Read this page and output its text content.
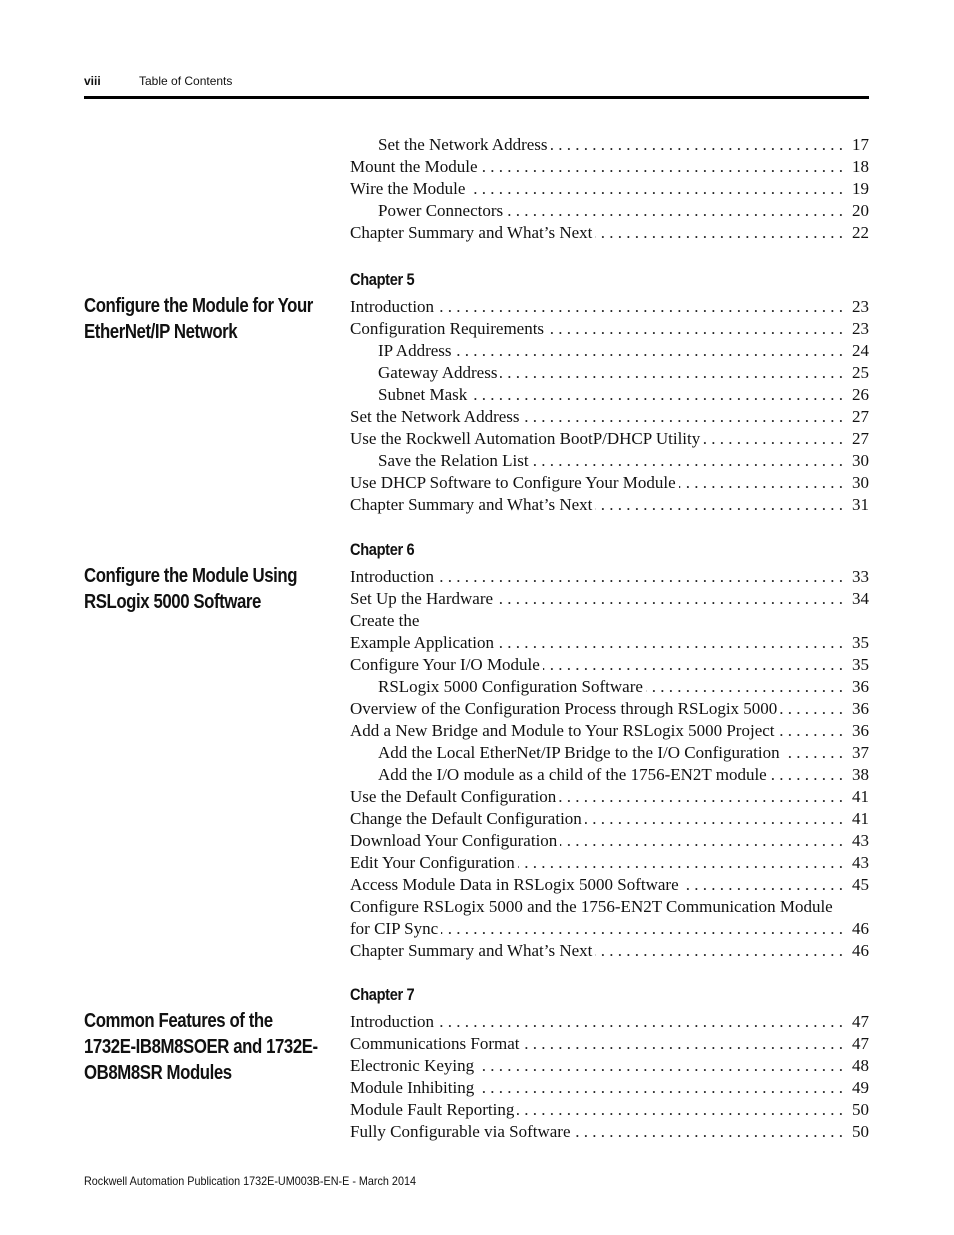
viii	Table of Contents
. . .
Set the Network Address	17
. . .
Mount the Module	18
. . .
Wire the Module	19
. . .
Power Connectors	20
. . .
Chapter Summary and What’s Next	22
Chapter 5
Configure the Module for Your EtherNet/IP Network
. . .
Introduction	23
. . .
Configuration Requirements	23
. . .
IP Address	24
. . .
Gateway Address	25
. . .
Subnet Mask	26
. . .
Set the Network Address	27
. . .
Use the Rockwell Automation BootP/DHCP Utility	27
. . .
Save the Relation List	30
. . .
Use DHCP Software to Configure Your Module	30
. . .
Chapter Summary and What’s Next	31
Chapter 6
Configure the Module Using RSLogix 5000 Software
. . .
Introduction	33
. . .
Set Up the Hardware	34
Create the
. . .
Example Application	35
. . .
Configure Your I/O Module	35
. . .
RSLogix 5000 Configuration Software	36
. . .
Overview of the Configuration Process through RSLogix 5000	36
. . .
Add a New Bridge and Module to Your RSLogix 5000 Project	36
. . .
Add the Local EtherNet/IP Bridge to the I/O Configuration	37
. . .
Add the I/O module as a child of the 1756-EN2T module	38
. . .
Use the Default Configuration	41
. . .
Change the Default Configuration	41
. . .
Download Your Configuration	43
. . .
Edit Your Configuration	43
. . .
Access Module Data in RSLogix 5000 Software	45
Configure RSLogix 5000 and the 1756-EN2T Communication Module
. . .
for CIP Sync	46
. . .
Chapter Summary and What’s Next	46
Chapter 7
Common Features of the 1732E-IB8M8SOER and 1732E-OB8M8SR Modules
. . .
Introduction	47
. . .
Communications Format	47
. . .
Electronic Keying	48
. . .
Module Inhibiting	49
. . .
Module Fault Reporting	50
. . .
Fully Configurable via Software	50
Rockwell Automation Publication 1732E-UM003B-EN-E - March 2014
